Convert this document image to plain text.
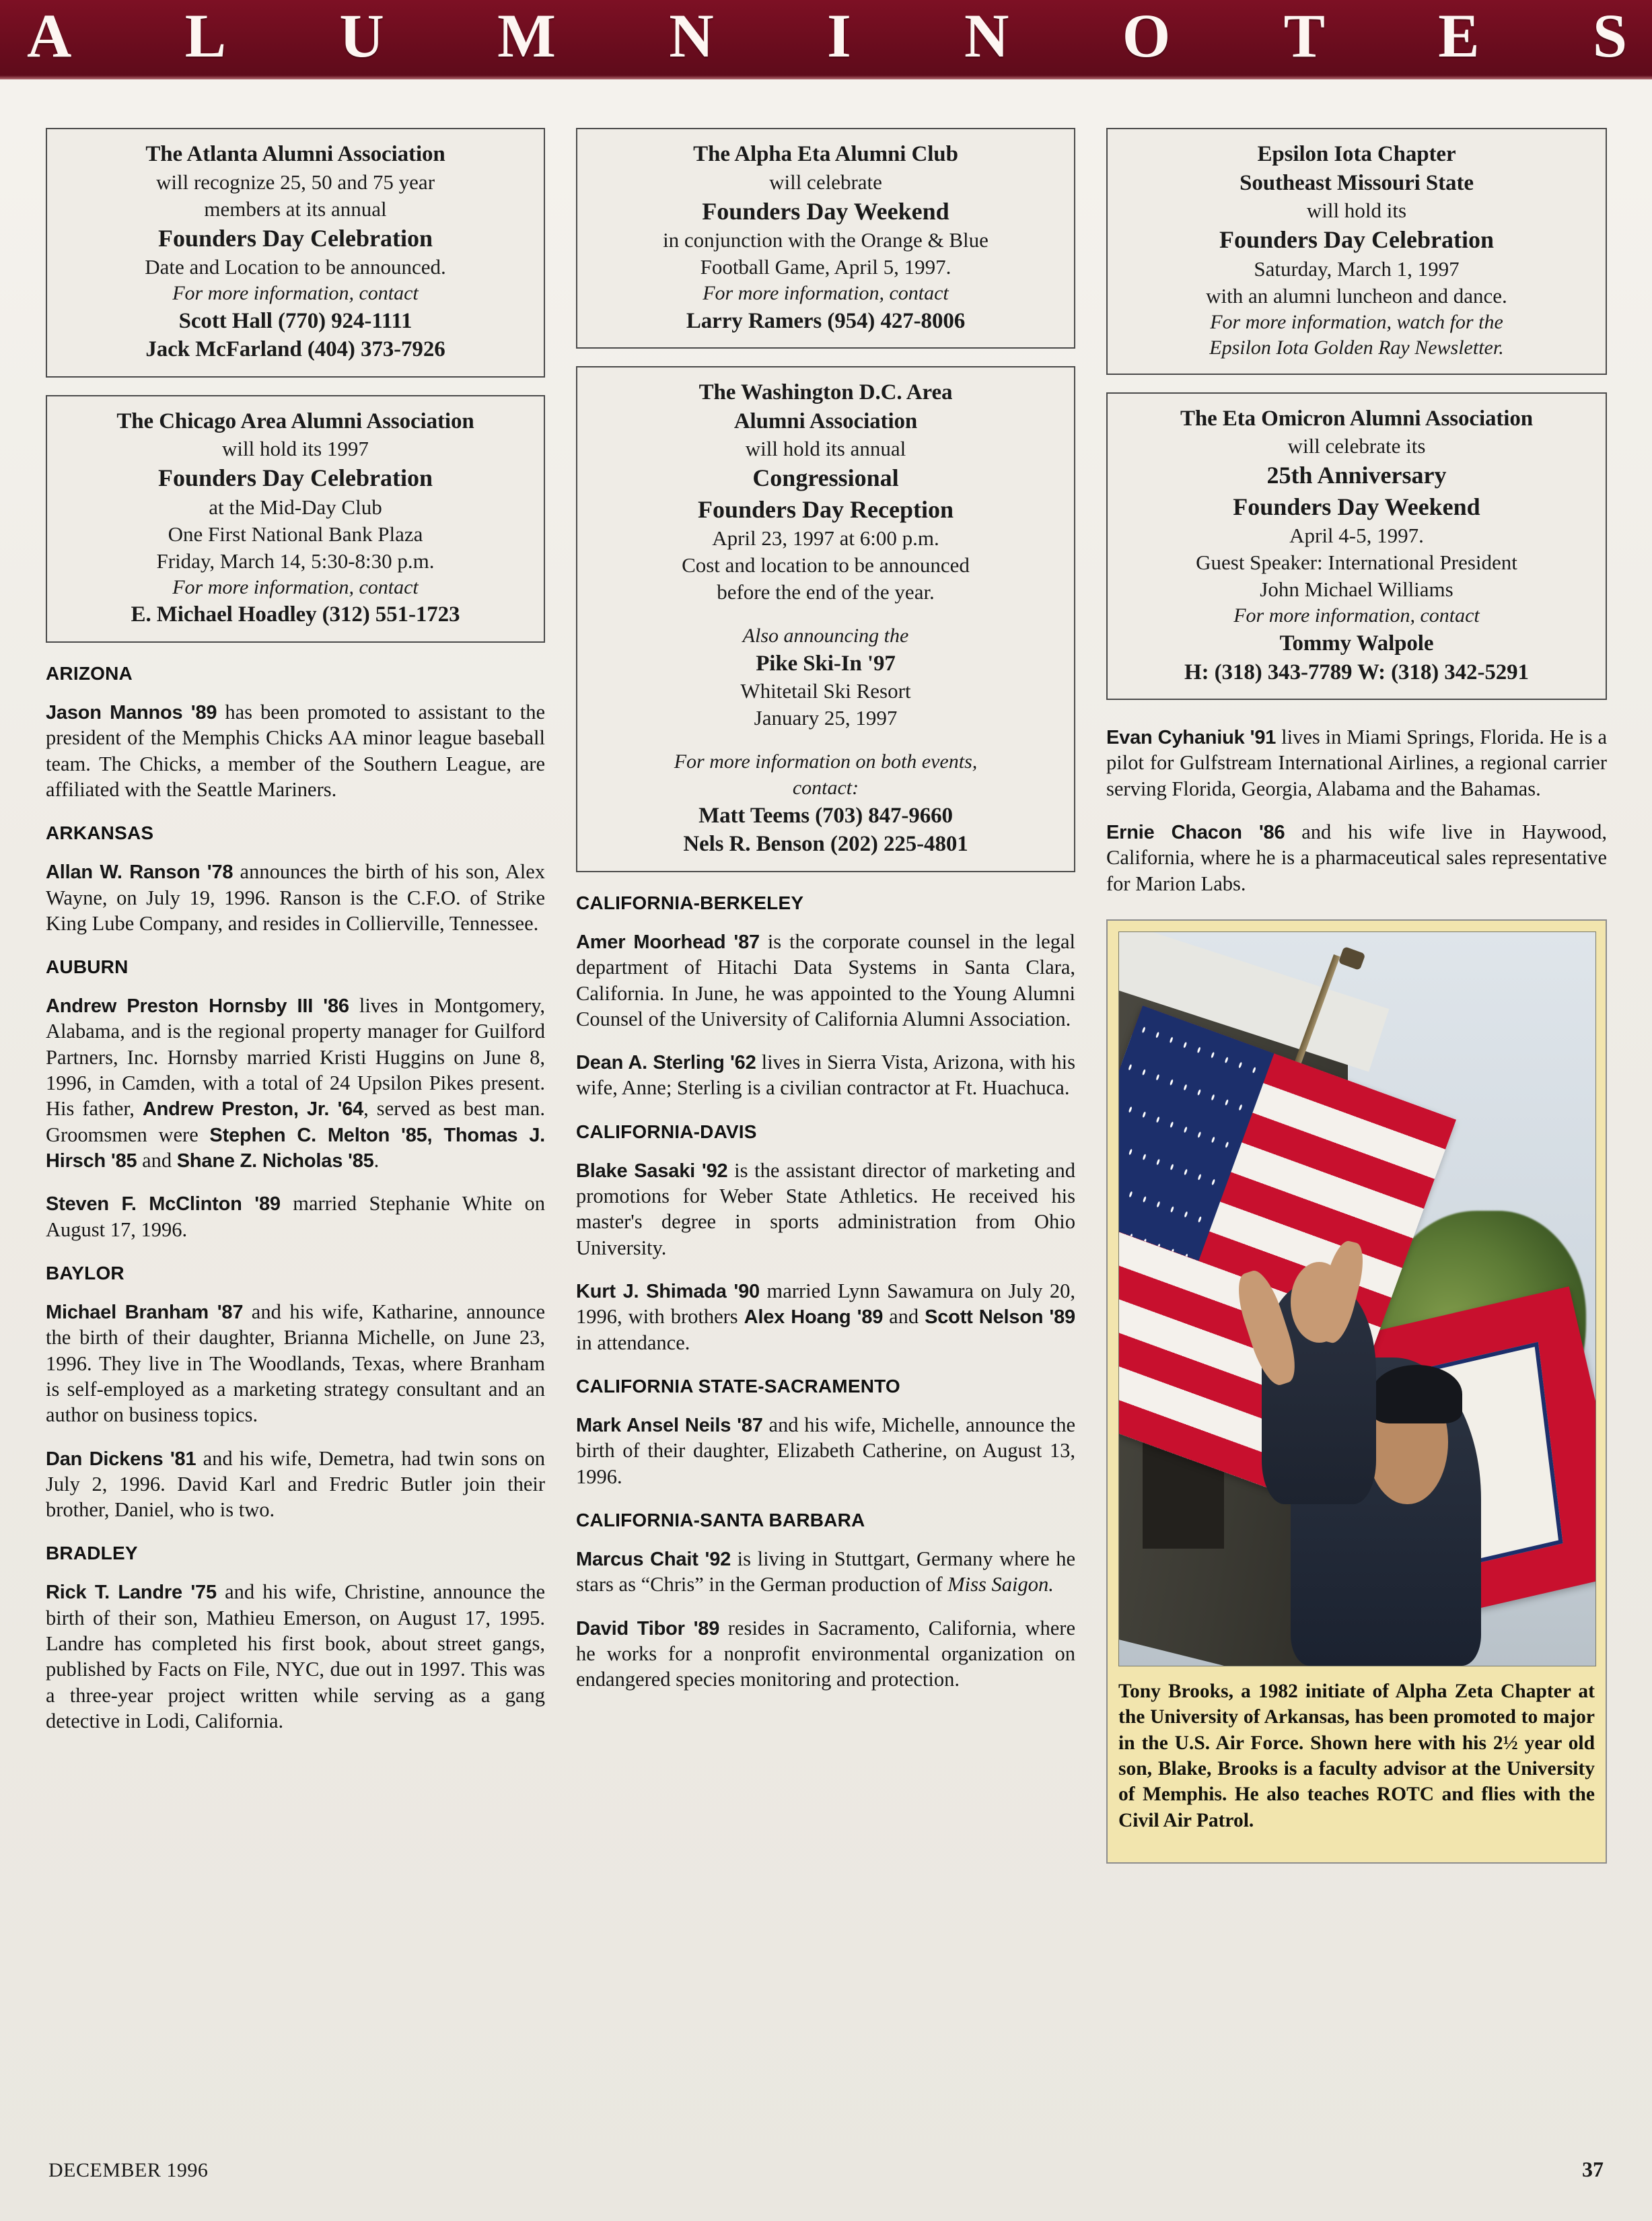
A L U M N I N O T E S

The Atlanta Alumni Association

will recognize 25, 50 and 75 year

members at its annual

Founders Day Celebration

Date and Location to be announced.

For more information, contact

Scott Hall (770) 924-1111

Jack McFarland (404) 373-7926

The Chicago Area Alumni Association

will hold its 1997

Founders Day Celebration

at the Mid-Day Club

One First National Bank Plaza

Friday, March 14, 5:30-8:30 p.m.

For more information, contact

E. Michael Hoadley (312) 551-1723

ARIZONA

Jason Mannos '89 has been promoted to assistant to the president of the Memphis Chicks AA minor league baseball team. The Chicks, a member of the Southern League, are affiliated with the Seattle Mariners.

ARKANSAS

Allan W. Ranson '78 announces the birth of his son, Alex Wayne, on July 19, 1996. Ranson is the C.F.O. of Strike King Lube Company, and resides in Collierville, Tennessee.

AUBURN

Andrew Preston Hornsby III '86 lives in Montgomery, Alabama, and is the regional property manager for Guilford Partners, Inc. Hornsby married Kristi Huggins on June 8, 1996, in Camden, with a total of 24 Upsilon Pikes present. His father, Andrew Preston, Jr. '64, served as best man. Groomsmen were Stephen C. Melton '85, Thomas J. Hirsch '85 and Shane Z. Nicholas '85.

Steven F. McClinton '89 married Stephanie White on August 17, 1996.

BAYLOR

Michael Branham '87 and his wife, Katharine, announce the birth of their daughter, Brianna Michelle, on June 23, 1996. They live in The Woodlands, Texas, where Branham is self-employed as a marketing strategy consultant and an author on business topics.

Dan Dickens '81 and his wife, Demetra, had twin sons on July 2, 1996. David Karl and Fredric Butler join their brother, Daniel, who is two.

BRADLEY

Rick T. Landre '75 and his wife, Christine, announce the birth of their son, Mathieu Emerson, on August 17, 1995. Landre has completed his first book, about street gangs, published by Facts on File, NYC, due out in 1997. This was a three-year project written while serving as a gang detective in Lodi, California.

The Alpha Eta Alumni Club

will celebrate

Founders Day Weekend

in conjunction with the Orange & Blue

Football Game, April 5, 1997.

For more information, contact

Larry Ramers (954) 427-8006

The Washington D.C. Area

Alumni Association

will hold its annual

Congressional

Founders Day Reception

April 23, 1997 at 6:00 p.m.

Cost and location to be announced

before the end of the year.

Also announcing the

Pike Ski-In '97

Whitetail Ski Resort

January 25, 1997

For more information on both events,

contact:

Matt Teems (703) 847-9660

Nels R. Benson (202) 225-4801

CALIFORNIA-BERKELEY

Amer Moorhead '87 is the corporate counsel in the legal department of Hitachi Data Systems in Santa Clara, California. In June, he was appointed to the Young Alumni Counsel of the University of California Alumni Association.

Dean A. Sterling '62 lives in Sierra Vista, Arizona, with his wife, Anne; Sterling is a civilian contractor at Ft. Huachuca.

CALIFORNIA-DAVIS

Blake Sasaki '92 is the assistant director of marketing and promotions for Weber State Athletics. He received his master's degree in sports administration from Ohio University.

Kurt J. Shimada '90 married Lynn Sawamura on July 20, 1996, with brothers Alex Hoang '89 and Scott Nelson '89 in attendance.

CALIFORNIA STATE-SACRAMENTO

Mark Ansel Neils '87 and his wife, Michelle, announce the birth of their daughter, Elizabeth Catherine, on August 13, 1996.

CALIFORNIA-SANTA BARBARA

Marcus Chait '92 is living in Stuttgart, Germany where he stars as “Chris” in the German production of Miss Saigon.

David Tibor '89 resides in Sacramento, California, where he works for a nonprofit environmental organization on endangered species monitoring and protection.

Epsilon Iota Chapter

Southeast Missouri State

will hold its

Founders Day Celebration

Saturday, March 1, 1997

with an alumni luncheon and dance.

For more information, watch for the

Epsilon Iota Golden Ray Newsletter.

The Eta Omicron Alumni Association

will celebrate its

25th Anniversary

Founders Day Weekend

April 4-5, 1997.

Guest Speaker: International President

John Michael Williams

For more information, contact

Tommy Walpole

H: (318) 343-7789 W: (318) 342-5291

Evan Cyhaniuk '91 lives in Miami Springs, Florida. He is a pilot for Gulfstream International Airlines, a regional carrier serving Florida, Georgia, Alabama and the Bahamas.

Ernie Chacon '86 and his wife live in Haywood, California, where he is a pharmaceutical sales representative for Marion Labs.

Tony Brooks, a 1982 initiate of Alpha Zeta Chapter at the University of Arkansas, has been promoted to major in the U.S. Air Force. Shown here with his 2½ year old son, Blake, Brooks is a faculty advisor at the University of Memphis. He also teaches ROTC and flies with the Civil Air Patrol.

DECEMBER 1996	37
